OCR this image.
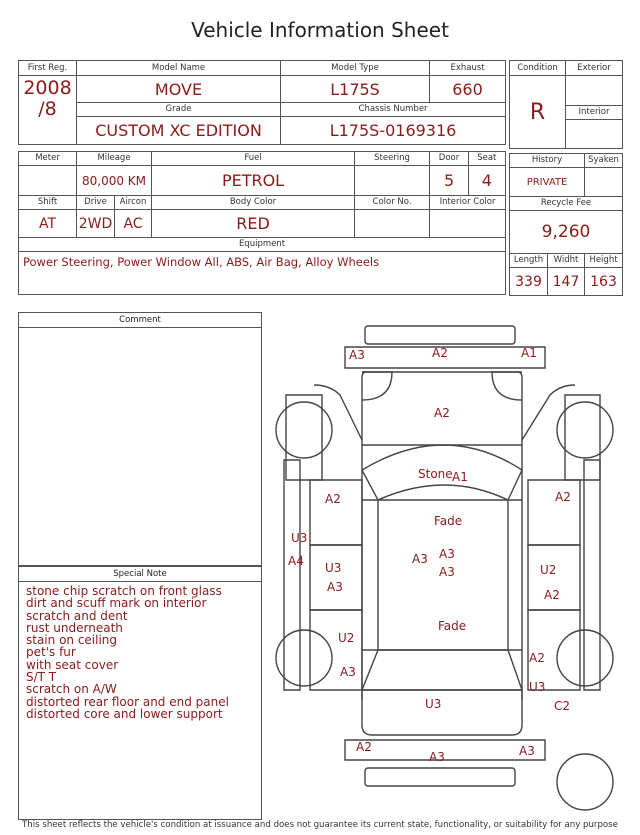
Vehicle Information Sheet
First Reg.	Model Name			Model Type		Exhaust

2008
/8	MOVE			L175S		660
	Grade			Chassis Number		
	CUSTOM XC EDITION			L175S-0169316		

Meter	Mileage		Fuel		Steering	Door Seat
	80,000 KM		PETROL			5 4
Shift	Drive	Aircon	Body Color		Color No.	Interior Color
AT	2WD	AC	RED			
Equipment						
Power Steering, Power Window All, ABS, Air Bag, Alloy Wheels						
Condition	Exterior
R	
	Interior

History		Syaken
PRIVATE		
Recycle Fee		
9,260		
Length	Widht	Height
339	147	163
Comment
Special Note
stone chip scratch on front glass
dirt and scuff mark on interior
scratch and dent
rust underneath
stain on ceiling
pet's fur
with seat cover
S/T T
scratch on A/W
distorted rear floor and end panel
distorted core and lower support
A3	A2	A1
A2
Stone A1
A2	A2
Fade
U3
A4 U3
A3
A3 A3
A3	U2
A2
Fade
U2
A3
A2
U3
U3	C2
A2
A3	A3
This sheet reflects the vehicle's condition at issuance and does not guarantee its current state, functionality, or suitability for any purpose
